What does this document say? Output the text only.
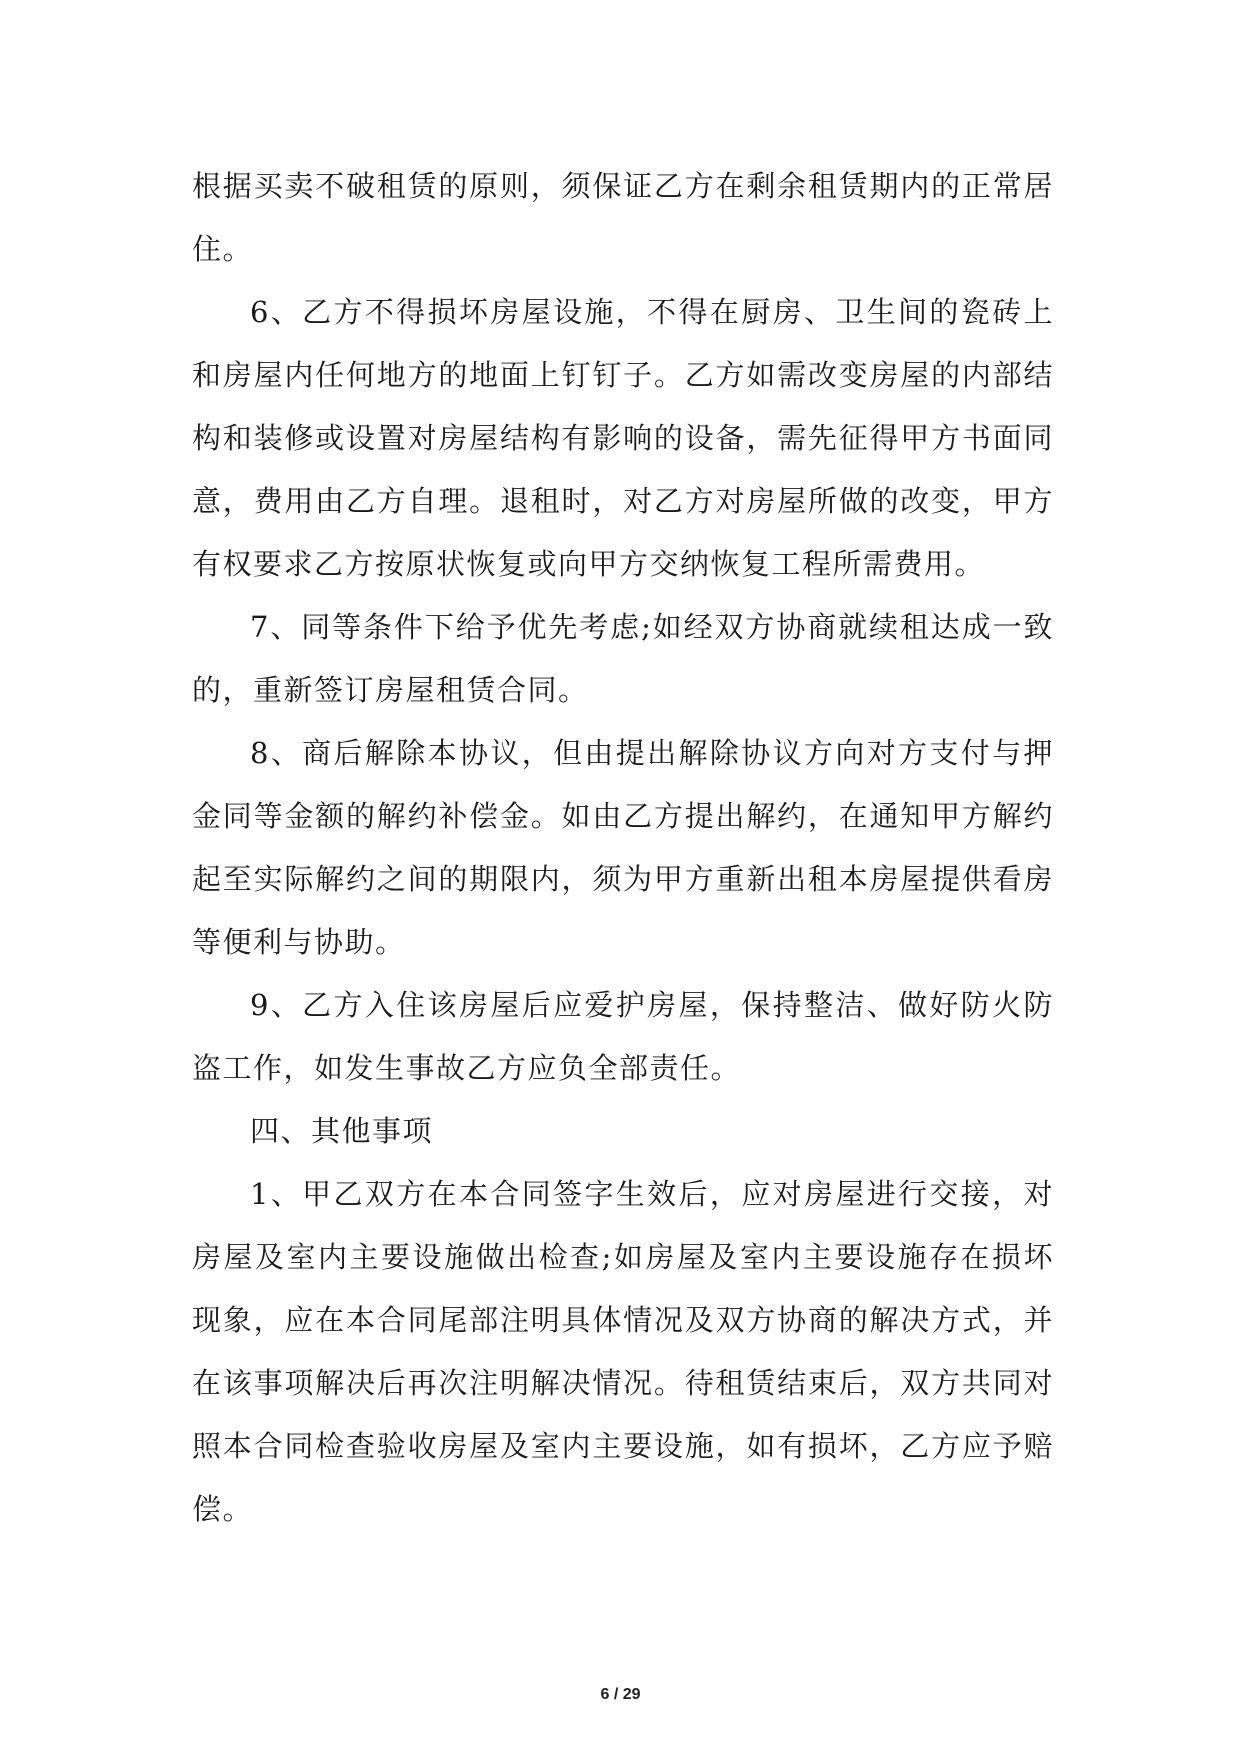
根据买卖不破租赁的原则，须保证乙方在剩余租赁期内的正常居住。

6、乙方不得损坏房屋设施，不得在厨房、卫生间的瓷砖上和房屋内任何地方的地面上钉钉子。乙方如需改变房屋的内部结构和装修或设置对房屋结构有影响的设备，需先征得甲方书面同意，费用由乙方自理。退租时，对乙方对房屋所做的改变，甲方有权要求乙方按原状恢复或向甲方交纳恢复工程所需费用。

7、同等条件下给予优先考虑;如经双方协商就续租达成一致的，重新签订房屋租赁合同。

8、商后解除本协议，但由提出解除协议方向对方支付与押金同等金额的解约补偿金。如由乙方提出解约，在通知甲方解约起至实际解约之间的期限内，须为甲方重新出租本房屋提供看房等便利与协助。

9、乙方入住该房屋后应爱护房屋，保持整洁、做好防火防盗工作，如发生事故乙方应负全部责任。

四、其他事项

1、甲乙双方在本合同签字生效后，应对房屋进行交接，对房屋及室内主要设施做出检查;如房屋及室内主要设施存在损坏现象，应在本合同尾部注明具体情况及双方协商的解决方式，并在该事项解决后再次注明解决情况。待租赁结束后，双方共同对照本合同检查验收房屋及室内主要设施，如有损坏，乙方应予赔偿。

6 / 29
